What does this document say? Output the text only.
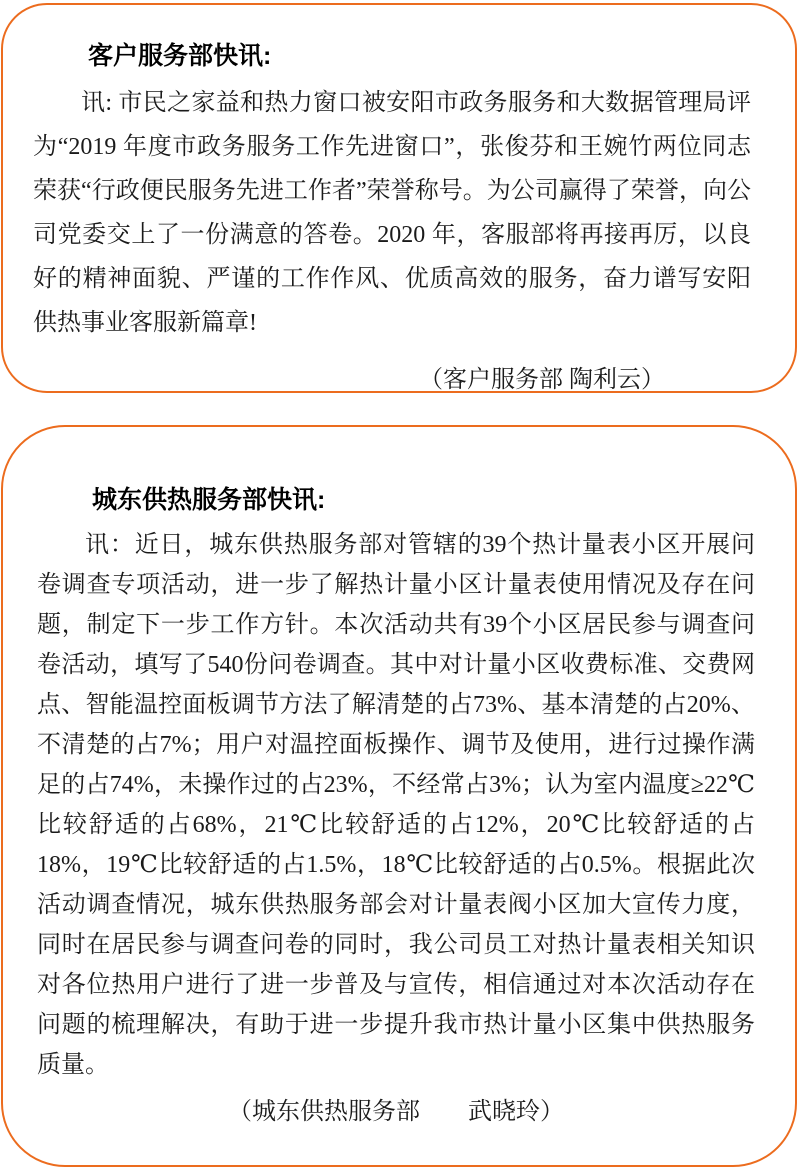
客户服务部快讯:

讯: 市民之家益和热力窗口被安阳市政务服务和大数据管理局评为“2019 年度市政务服务工作先进窗口”，张俊芬和王婉竹两位同志荣获“行政便民服务先进工作者”荣誉称号。为公司赢得了荣誉，向公司党委交上了一份满意的答卷。2020 年，客服部将再接再厉，以良好的精神面貌、严谨的工作作风、优质高效的服务，奋力谱写安阳供热事业客服新篇章!

（客户服务部 陶利云）

城东供热服务部快讯:

讯：近日，城东供热服务部对管辖的39个热计量表小区开展问卷调查专项活动，进一步了解热计量小区计量表使用情况及存在问题，制定下一步工作方针。本次活动共有39个小区居民参与调查问卷活动，填写了540份问卷调查。其中对计量小区收费标准、交费网点、智能温控面板调节方法了解清楚的占73%、基本清楚的占20%、不清楚的占7%；用户对温控面板操作、调节及使用，进行过操作满足的占74%，未操作过的占23%，不经常占3%；认为室内温度≥22℃比较舒适的占68%，21℃比较舒适的占12%，20℃比较舒适的占18%，19℃比较舒适的占1.5%，18℃比较舒适的占0.5%。根据此次活动调查情况，城东供热服务部会对计量表阀小区加大宣传力度，同时在居民参与调查问卷的同时，我公司员工对热计量表相关知识对各位热用户进行了进一步普及与宣传，相信通过对本次活动存在问题的梳理解决，有助于进一步提升我市热计量小区集中供热服务质量。

（城东供热服务部　　武晓玲）
